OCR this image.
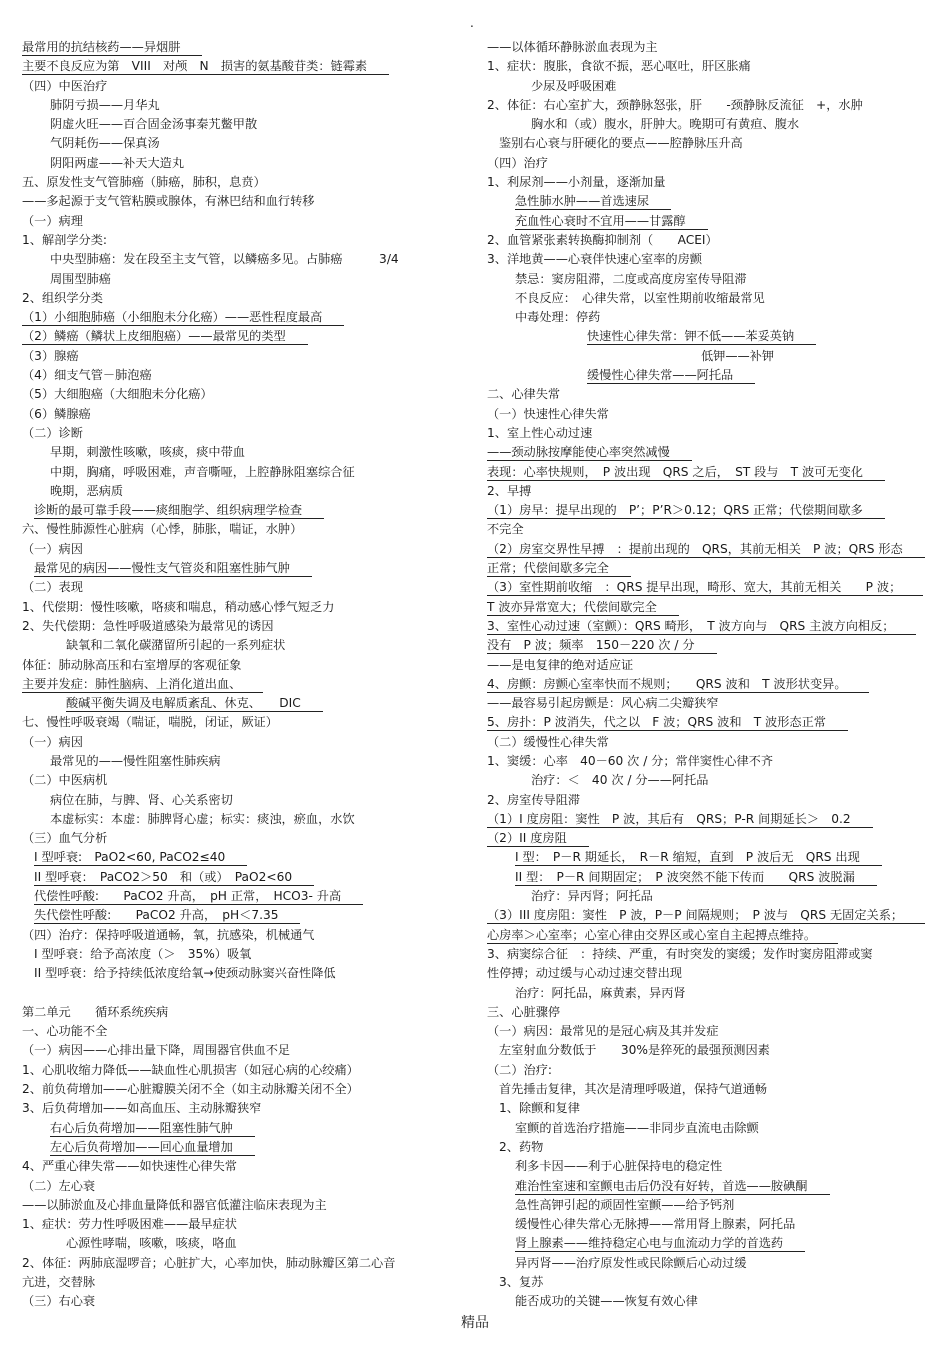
.
最常用的抗结核药——异烟肼
主要不良反应为第　VIII　对颅　N　损害的氨基酸苷类：链霉素
（四）中医治疗
肺阴亏损——月华丸
阴虚火旺——百合固金汤事秦艽鳖甲散
气阴耗伤——保真汤
阴阳两虚——补天大造丸
五、原发性支气管肺癌（肺癌，肺积，息贲）
——多起源于支气管粘膜或腺体，有淋巴结和血行转移
（一）病理
1、解剖学分类:
中央型肺癌：发在段至主支气管，以鳞癌多见。占肺癌　　　3/4
周围型肺癌
2、组织学分类
（1）小细胞肺癌（小细胞未分化癌）——恶性程度最高
（2）鳞癌（鳞状上皮细胞癌）——最常见的类型
（3）腺癌
（4）细支气管－肺泡癌
（5）大细胞癌（大细胞未分化癌）
（6）鳞腺癌
（二）诊断
早期，刺激性咳嗽，咳痰，痰中带血
中期，胸痛，呼吸困难，声音嘶哑，上腔静脉阻塞综合征
晚期，恶病质
诊断的最可靠手段——痰细胞学、组织病理学检查
六、慢性肺源性心脏病（心悸，肺胀，喘证，水肿）
（一）病因
最常见的病因——慢性支气管炎和阻塞性肺气肿
（二）表现
1、代偿期：慢性咳嗽，咯痰和喘息，稍动感心悸气短乏力
2、失代偿期：急性呼吸道感染为最常见的诱因
缺氧和二氧化碳潴留所引起的一系列症状
体征：肺动脉高压和右室增厚的客观征象
主要并发症：肺性脑病、上消化道出血、
酸碱平衡失调及电解质紊乱、休克、　　DIC
七、慢性呼吸衰竭（喘证，喘脱，闭证，厥证）
（一）病因
最常见的——慢性阻塞性肺疾病
（二）中医病机
病位在肺，与脾、肾、心关系密切
本虚标实：本虚：肺脾肾心虚；标实：痰浊，瘀血，水饮
（三）血气分析
I 型呼衰:　PaO2<60, PaCO2≤40
II 型呼衰：　PaCO2＞50　和（或）　PaO2<60
代偿性呼酸:　　PaCO2 升高，　pH 正常，　HCO3- 升高
失代偿性呼酸:　　PaCO2 升高，　pH＜7.35
（四）治疗：保持呼吸道通畅，氧，抗感染，机械通气
I 型呼衰：给予高浓度（＞　35%）吸氧
II 型呼衰：给予持续低浓度给氧→使颈动脉窦兴奋性降低
第二单元　　循环系统疾病
一、心功能不全
（一）病因——心排出量下降，周围器官供血不足
1、心肌收缩力降低——缺血性心肌损害（如冠心病的心绞痛）
2、前负荷增加——心脏瓣膜关闭不全（如主动脉瓣关闭不全）
3、后负荷增加——如高血压、主动脉瓣狭窄
右心后负荷增加——阻塞性肺气肿
左心后负荷增加——回心血量增加
4、严重心律失常——如快速性心律失常
（二）左心衰
——以肺淤血及心排血量降低和器官低灌注临床表现为主
1、症状：劳力性呼吸困难——最早症状
心源性哮喘，咳嗽，咳痰，咯血
2、体征：两肺底湿啰音；心脏扩大，心率加快，肺动脉瓣区第二心音
亢进，交替脉
（三）右心衰
——以体循环静脉淤血表现为主
1、症状：腹胀，食欲不振，恶心呕吐，肝区胀痛
少尿及呼吸困难
2、体征：右心室扩大，颈静脉怒张，肝　　-颈静脉反流征　+，水肿
胸水和（或）腹水，肝肿大。晚期可有黄疸、腹水
鉴别右心衰与肝硬化的要点——腔静脉压升高
（四）治疗
1、利尿剂——小剂量，逐渐加量
急性肺水肿——首选速尿
充血性心衰时不宜用——甘露醇
2、血管紧张素转换酶抑制剂（　　ACEI）
3、洋地黄——心衰伴快速心室率的房颤
禁忌：窦房阻滞，二度或高度房室传导阻滞
不良反应：　心律失常，以室性期前收缩最常见
中毒处理：停药
快速性心律失常：钾不低——苯妥英钠
低钾——补钾
缓慢性心律失常——阿托品
二、心律失常
（一）快速性心律失常
1、室上性心动过速
——颈动脉按摩能使心率突然减慢
表现：心率快规则，　P 波出现　QRS 之后，　ST 段与　T 波可无变化
2、早搏
（1）房早：提早出现的　P’；P’R＞0.12；QRS 正常；代偿期间歇多
不完全
（2）房室交界性早搏　：提前出现的　QRS，其前无相关　P 波；QRS 形态
正常；代偿间歇多完全
（3）室性期前收缩　：QRS 提早出现，畸形、宽大，其前无相关　　P 波；
T 波亦异常宽大；代偿间歇完全
3、室性心动过速（室颤）：QRS 畸形，　T 波方向与　QRS 主波方向相反；
没有　P 波；频率　150－220 次 / 分
——是电复律的绝对适应证
4、房颤：房颤心室率快而不规则；　　QRS 波和　T 波形状变异。
——最容易引起房颤是：风心病二尖瓣狭窄
5、房扑：P 波消失，代之以　F 波；QRS 波和　T 波形态正常
（二）缓慢性心律失常
1、窦缓：心率　40－60 次 / 分；常伴窦性心律不齐
治疗：＜　40 次 / 分——阿托品
2、房室传导阻滞
（1）I 度房阻：窦性　P 波，其后有　QRS；P-R 间期延长＞　0.2
（2）II 度房阻
I 型：　P－R 期延长，　R－R 缩短，直到　P 波后无　QRS 出现
II 型：　P－R 间期固定；　P 波突然不能下传而　　QRS 波脱漏
治疗：异丙肾；阿托品
（3）III 度房阻：窦性　P 波，P－P 间隔规则；　P 波与　QRS 无固定关系；
心房率＞心室率；心室心律由交界区或心室自主起搏点维持。
3、病窦综合征　：持续、严重，有时突发的窦缓；发作时窦房阻滞或窦
性停搏；动过缓与心动过速交替出现
治疗：阿托品，麻黄素，异丙肾
三、心脏骤停
（一）病因：最常见的是冠心病及其并发症
左室射血分数低于　　30%是猝死的最强预测因素
（二）治疗:
首先捶击复律，其次是清理呼吸道，保持气道通畅
1、除颤和复律
室颤的首选治疗措施——非同步直流电击除颤
2、药物
利多卡因——利于心脏保持电的稳定性
难治性室速和室颤电击后仍没有好转，首选——胺碘酮
急性高钾引起的顽固性室颤——给予钙剂
缓慢性心律失常心无脉搏——常用肾上腺素，阿托品
肾上腺素——维持稳定心电与血流动力学的首选药
异丙肾——治疗原发性或民除颤后心动过缓
3、复苏
能否成功的关键——恢复有效心律
精品
